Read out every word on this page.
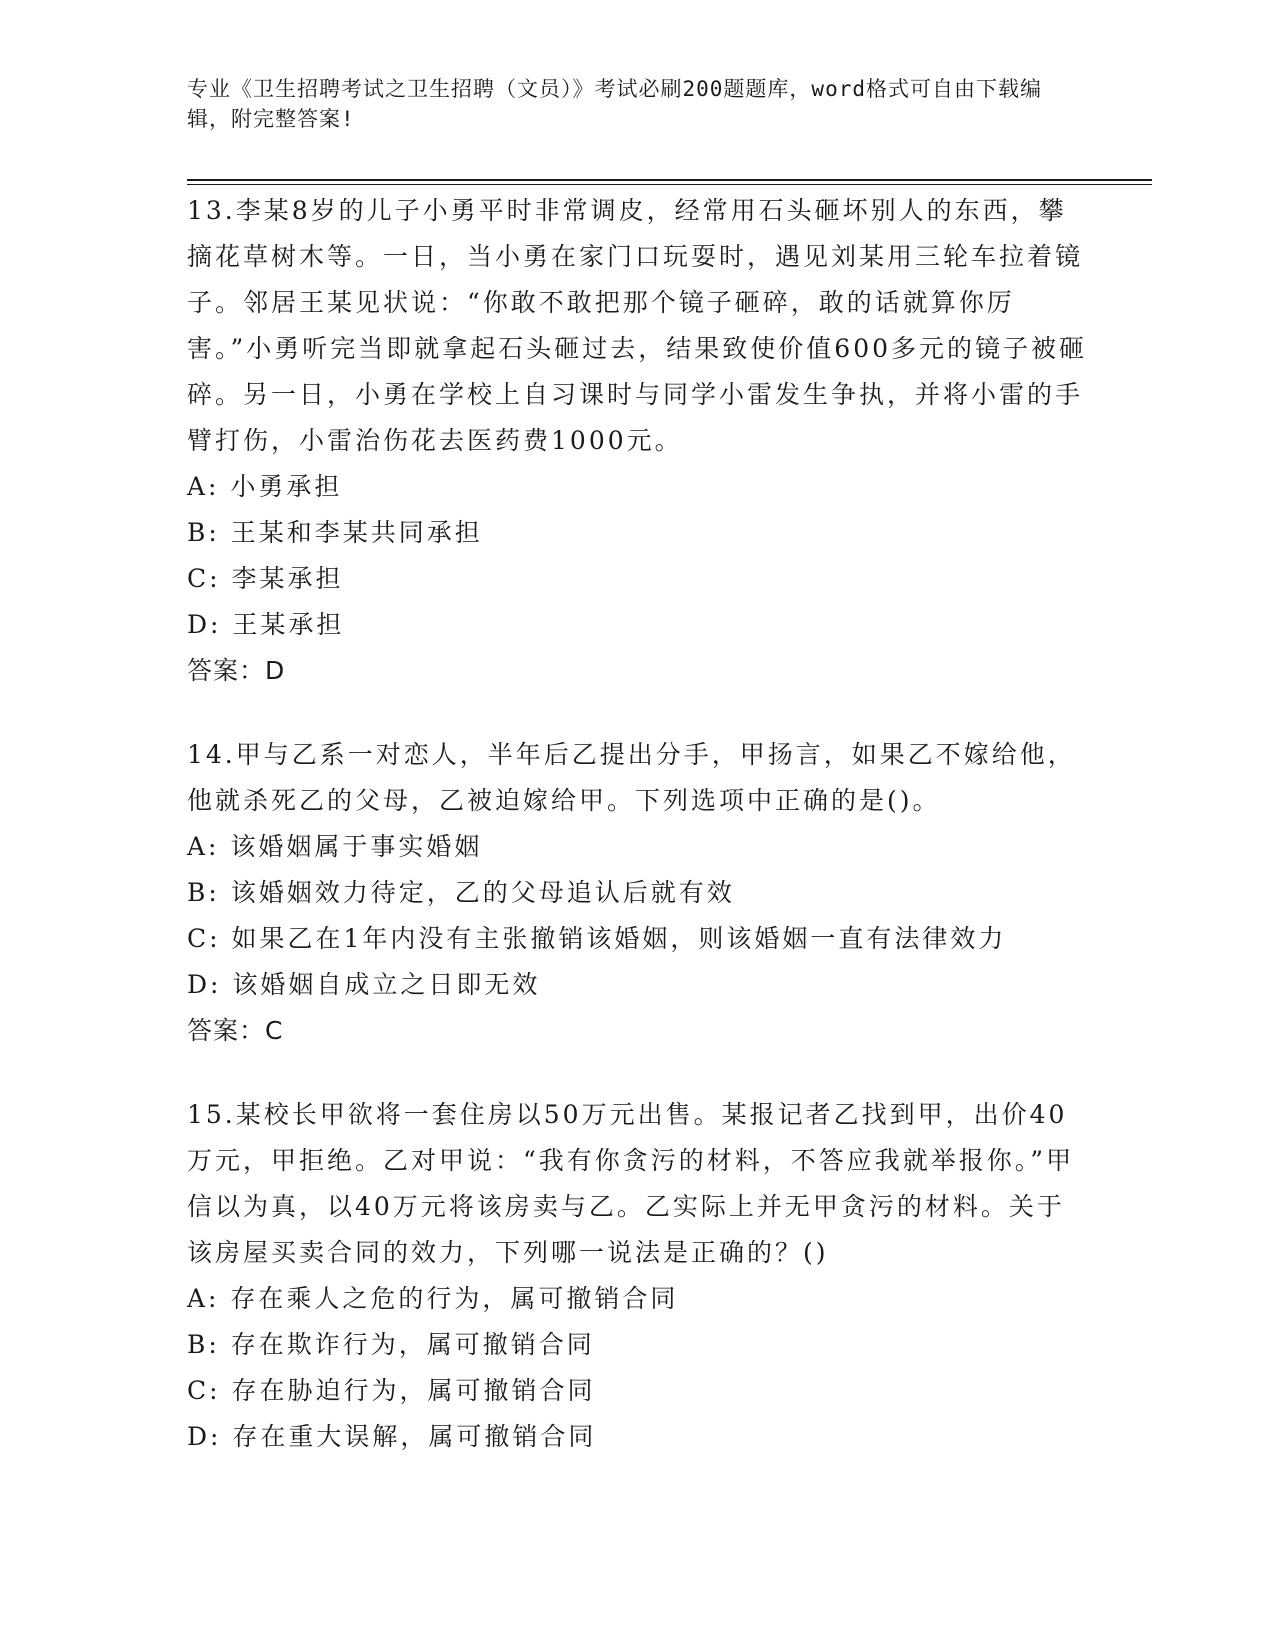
专业《卫生招聘考试之卫生招聘（文员）》考试必刷200题题库，word格式可自由下载编辑，附完整答案!
13.李某8岁的儿子小勇平时非常调皮，经常用石头砸坏别人的东西，攀摘花草树木等。一日，当小勇在家门口玩耍时，遇见刘某用三轮车拉着镜子。邻居王某见状说：“你敢不敢把那个镜子砸碎，敢的话就算你厉害。”小勇听完当即就拿起石头砸过去，结果致使价值600多元的镜子被砸碎。另一日，小勇在学校上自习课时与同学小雷发生争执，并将小雷的手臂打伤，小雷治伤花去医药费1000元。
A: 小勇承担
B: 王某和李某共同承担
C: 李某承担
D: 王某承担
答案：D
14.甲与乙系一对恋人，半年后乙提出分手，甲扬言，如果乙不嫁给他，他就杀死乙的父母，乙被迫嫁给甲。下列选项中正确的是()。
A: 该婚姻属于事实婚姻
B: 该婚姻效力待定，乙的父母追认后就有效
C: 如果乙在1年内没有主张撤销该婚姻，则该婚姻一直有法律效力
D: 该婚姻自成立之日即无效
答案：C
15.某校长甲欲将一套住房以50万元出售。某报记者乙找到甲，出价40万元，甲拒绝。乙对甲说：“我有你贪污的材料，不答应我就举报你。”甲信以为真，以40万元将该房卖与乙。乙实际上并无甲贪污的材料。关于该房屋买卖合同的效力，下列哪一说法是正确的？()
A: 存在乘人之危的行为，属可撤销合同
B: 存在欺诈行为，属可撤销合同
C: 存在胁迫行为，属可撤销合同
D: 存在重大误解，属可撤销合同
